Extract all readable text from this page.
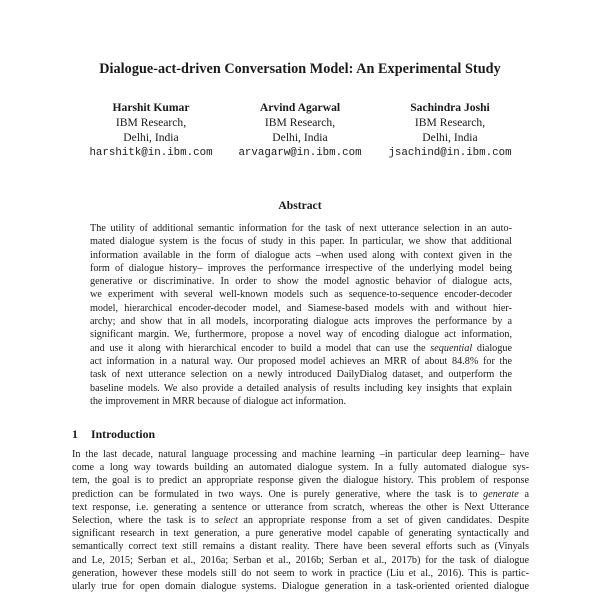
Dialogue-act-driven Conversation Model: An Experimental Study
Harshit Kumar
IBM Research,
Delhi, India
harshitk@in.ibm.com
Arvind Agarwal
IBM Research,
Delhi, India
arvagarw@in.ibm.com
Sachindra Joshi
IBM Research,
Delhi, India
jsachind@in.ibm.com
Abstract
The utility of additional semantic information for the task of next utterance selection in an auto-
mated dialogue system is the focus of study in this paper. In particular, we show that additional
information available in the form of dialogue acts –when used along with context given in the
form of dialogue history– improves the performance irrespective of the underlying model being
generative or discriminative. In order to show the model agnostic behavior of dialogue acts,
we experiment with several well-known models such as sequence-to-sequence encoder-decoder
model, hierarchical encoder-decoder model, and Siamese-based models with and without hier-
archy; and show that in all models, incorporating dialogue acts improves the performance by a
significant margin. We, furthermore, propose a novel way of encoding dialogue act information,
and use it along with hierarchical encoder to build a model that can use the sequential dialogue
act information in a natural way. Our proposed model achieves an MRR of about 84.8% for the
task of next utterance selection on a newly introduced DailyDialog dataset, and outperform the
baseline models. We also provide a detailed analysis of results including key insights that explain
the improvement in MRR because of dialogue act information.
1 Introduction
In the last decade, natural language processing and machine learning –in particular deep learning– have
come a long way towards building an automated dialogue system. In a fully automated dialogue sys-
tem, the goal is to predict an appropriate response given the dialogue history. This problem of response
prediction can be formulated in two ways. One is purely generative, where the task is to generate a
text response, i.e. generating a sentence or utterance from scratch, whereas the other is Next Utterance
Selection, where the task is to select an appropriate response from a set of given candidates. Despite
significant research in text generation, a pure generative model capable of generating syntactically and
semantically correct text still remains a distant reality. There have been several efforts such as (Vinyals
and Le, 2015; Serban et al., 2016a; Serban et al., 2016b; Serban et al., 2017b) for the task of dialogue
generation, however these models still do not seem to work in practice (Liu et al., 2016). This is partic-
ularly true for open domain dialogue systems. Dialogue generation in a task-oriented oriented dialogue
